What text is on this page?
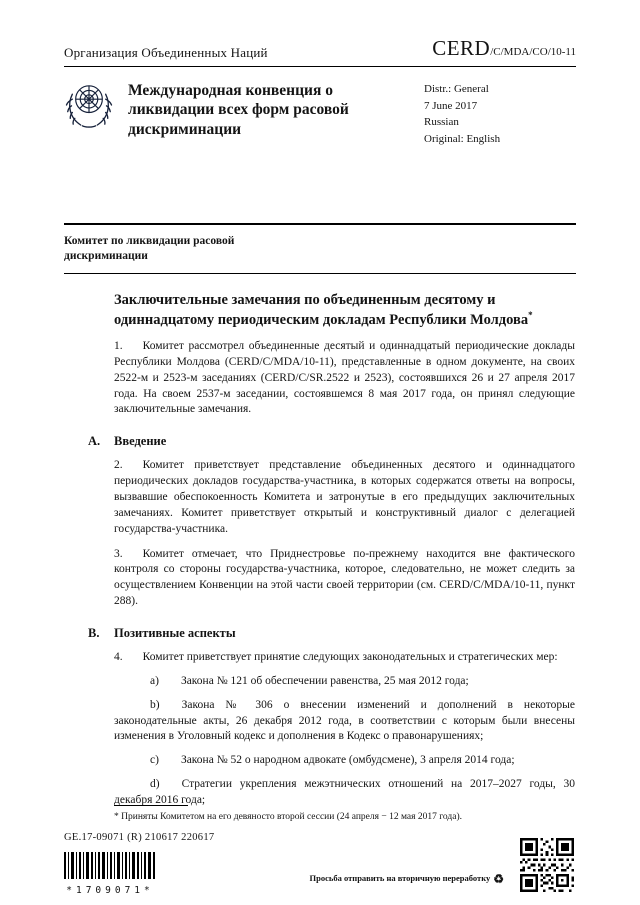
Организация Объединенных Наций	CERD/C/MDA/CO/10-11
Международная конвенция о ликвидации всех форм расовой дискриминации
Distr.: General
7 June 2017
Russian
Original: English
Комитет по ликвидации расовой дискриминации
Заключительные замечания по объединенным десятому и одиннадцатому периодическим докладам Республики Молдова*

1. Комитет рассмотрел объединенные десятый и одиннадцатый периодические доклады Республики Молдова (CERD/C/MDA/10-11), представленные в одном документе, на своих 2522-м и 2523-м заседаниях (CERD/C/SR.2522 и 2523), состоявшихся 26 и 27 апреля 2017 года. На своем 2537-м заседании, состоявшемся 8 мая 2017 года, он принял следующие заключительные замечания.

A.	Введение

2. Комитет приветствует представление объединенных десятого и одиннадцатого периодических докладов государства-участника, в которых содержатся ответы на вопросы, вызвавшие обеспокоенность Комитета и затронутые в его предыдущих заключительных замечаниях. Комитет приветствует открытый и конструктивный диалог с делегацией государства-участника.

3. Комитет отмечает, что Приднестровье по-прежнему находится вне фактического контроля со стороны государства-участника, которое, следовательно, не может следить за осуществлением Конвенции на этой части своей территории (см. CERD/C/MDA/10-11, пункт 288).

B.	Позитивные аспекты

4. Комитет приветствует принятие следующих законодательных и стратегических мер:

a) Закона № 121 об обеспечении равенства, 25 мая 2012 года;

b) Закона № 306 о внесении изменений и дополнений в некоторые законодательные акты, 26 декабря 2012 года, в соответствии с которым были внесены изменения в Уголовный кодекс и дополнения в Кодекс о правонарушениях;

c) Закона № 52 о народном адвокате (омбудсмене), 3 апреля 2014 года;

d) Стратегии укрепления межэтнических отношений на 2017–2027 годы, 30 декабря 2016 года;

* Приняты Комитетом на его девяносто второй сессии (24 апреля − 12 мая 2017 года).
GE.17-09071 (R) 210617 220617
*1709071*
Просьба отправить на вторичную переработку ♻
